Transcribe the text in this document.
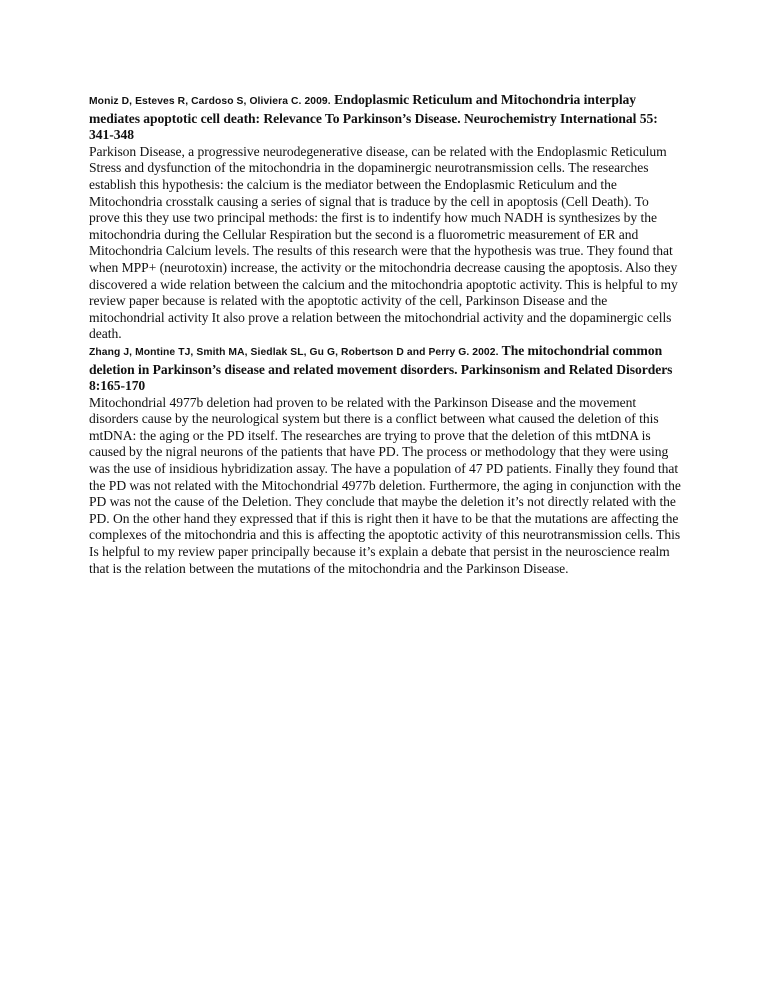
Moniz D, Esteves R, Cardoso S, Oliviera C. 2009. Endoplasmic Reticulum and Mitochondria interplay mediates apoptotic cell death: Relevance To Parkinson’s Disease. Neurochemistry International 55: 341-348

Parkison Disease, a progressive neurodegenerative disease, can be related with the Endoplasmic Reticulum Stress and dysfunction of the mitochondria in the dopaminergic neurotransmission cells. The researches establish this hypothesis: the calcium is the mediator between the Endoplasmic Reticulum and the Mitochondria crosstalk causing a series of signal that is traduce by the cell in apoptosis (Cell Death). To prove this they use two principal methods: the first is to indentify how much NADH is synthesizes by the mitochondria during the Cellular Respiration but the second is a fluorometric measurement of ER and Mitochondria Calcium levels. The results of this research were that the hypothesis was true. They found that when MPP+ (neurotoxin) increase, the activity or the mitochondria decrease causing the apoptosis. Also they discovered a wide relation between the calcium and the mitochondria apoptotic activity. This is helpful to my review paper because is related with the apoptotic activity of the cell, Parkinson Disease and the mitochondrial activity It also prove a relation between the mitochondrial activity and the dopaminergic cells death.

Zhang J, Montine TJ, Smith MA, Siedlak SL, Gu G, Robertson D and Perry G. 2002. The mitochondrial common deletion in Parkinson’s disease and related movement disorders. Parkinsonism and Related Disorders 8:165-170

Mitochondrial 4977b deletion had proven to be related with the Parkinson Disease and the movement disorders cause by the neurological system but there is a conflict between what caused the deletion of this mtDNA: the aging or the PD itself. The researches are trying to prove that the deletion of this mtDNA is caused by the nigral neurons of the patients that have PD. The process or methodology that they were using was the use of insidious hybridization assay. The have a population of 47 PD patients. Finally they found that the PD was not related with the Mitochondrial 4977b deletion. Furthermore, the aging in conjunction with the PD was not the cause of the Deletion. They conclude that maybe the deletion it’s not directly related with the PD. On the other hand they expressed that if this is right then it have to be that the mutations are affecting the complexes of the mitochondria and this is affecting the apoptotic activity of this neurotransmission cells. This Is helpful to my review paper principally because it’s explain a debate that persist in the neuroscience realm that is the relation between the mutations of the mitochondria and the Parkinson Disease.
